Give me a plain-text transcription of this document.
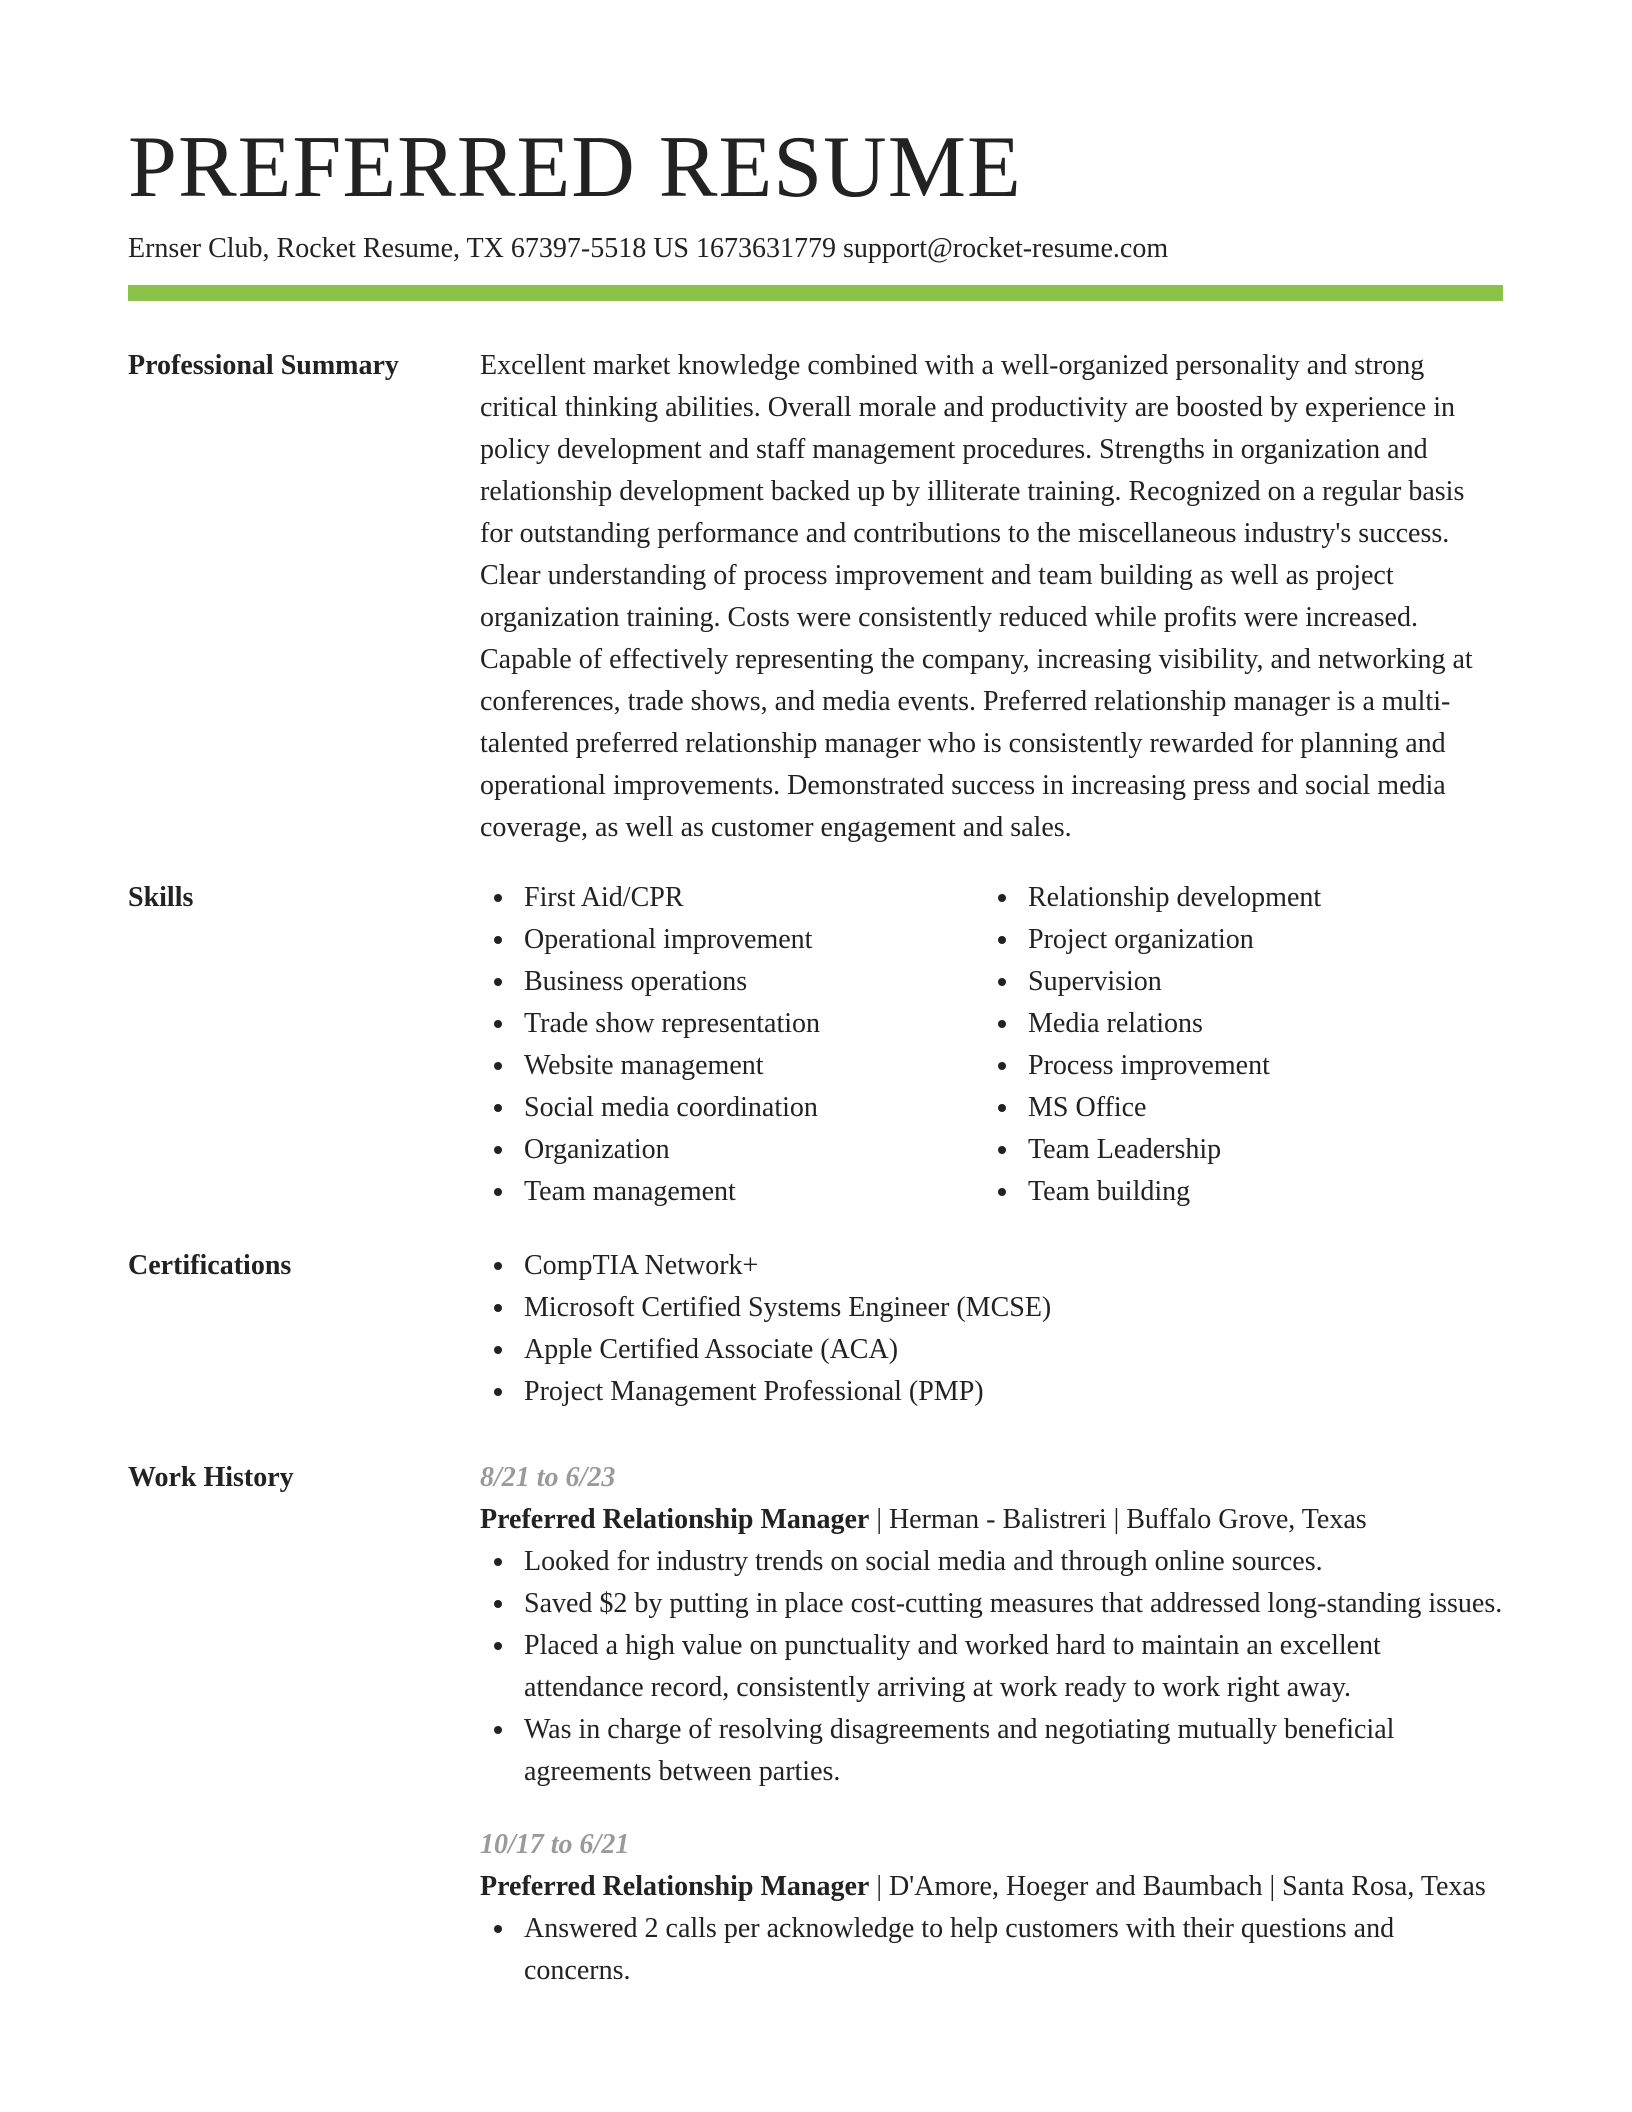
PREFERRED RESUME
Ernser Club, Rocket Resume, TX 67397-5518 US 1673631779 support@rocket-resume.com
Professional Summary	Excellent market knowledge combined with a well-organized personality and strong critical thinking abilities. Overall morale and productivity are boosted by experience in policy development and staff management procedures. Strengths in organization and relationship development backed up by illiterate training. Recognized on a regular basis for outstanding performance and contributions to the miscellaneous industry's success. Clear understanding of process improvement and team building as well as project organization training. Costs were consistently reduced while profits were increased. Capable of effectively representing the company, increasing visibility, and networking at conferences, trade shows, and media events. Preferred relationship manager is a multi-talented preferred relationship manager who is consistently rewarded for planning and operational improvements. Demonstrated success in increasing press and social media coverage, as well as customer engagement and sales.

Skills	First Aid/CPR
Operational improvement
Business operations
Trade show representation
Website management
Social media coordination
Organization
Team management
Relationship development
Project organization
Supervision
Media relations
Process improvement
MS Office
Team Leadership
Team building
Certifications	CompTIA Network+
Microsoft Certified Systems Engineer (MCSE)
Apple Certified Associate (ACA)
Project Management Professional (PMP)
Work History	8/21 to 6/23
Preferred Relationship Manager | Herman - Balistreri | Buffalo Grove, Texas
Looked for industry trends on social media and through online sources.
Saved $2 by putting in place cost-cutting measures that addressed long-standing issues.
Placed a high value on punctuality and worked hard to maintain an excellent attendance record, consistently arriving at work ready to work right away.
Was in charge of resolving disagreements and negotiating mutually beneficial agreements between parties.
10/17 to 6/21
Preferred Relationship Manager | D'Amore, Hoeger and Baumbach | Santa Rosa, Texas
Answered 2 calls per acknowledge to help customers with their questions and concerns.
